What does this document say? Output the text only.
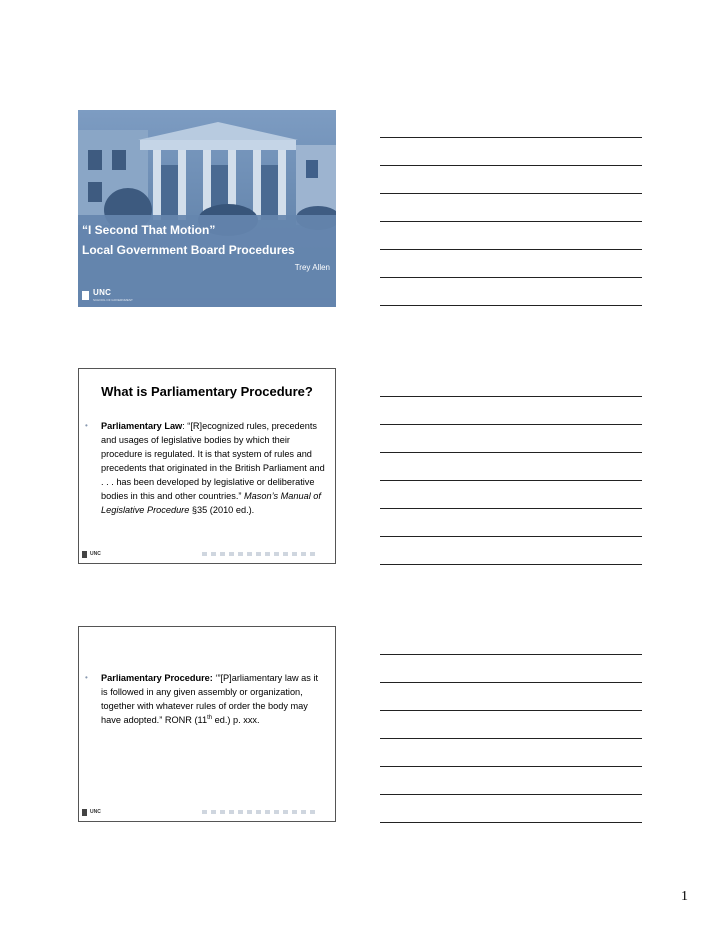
“I Second That Motion”
Local Government Board Procedures
Trey Allen
UNC
SCHOOL OF GOVERNMENT
What is Parliamentary Procedure?
•	Parliamentary Law: “[R]ecognized rules, precedents and usages of legislative bodies by which their procedure is regulated. It is that system of rules and precedents that originated in the British Parliament and . . . has been developed by legislative or deliberative bodies in this and other countries.” Mason’s Manual of Legislative Procedure §35 (2010 ed.).
UNC
•	Parliamentary Procedure: ‘”[P]arliamentary law as it is followed in any given assembly or organization, together with whatever rules of order the body may have adopted.” RONR (11th ed.) p. xxx.
UNC
1
